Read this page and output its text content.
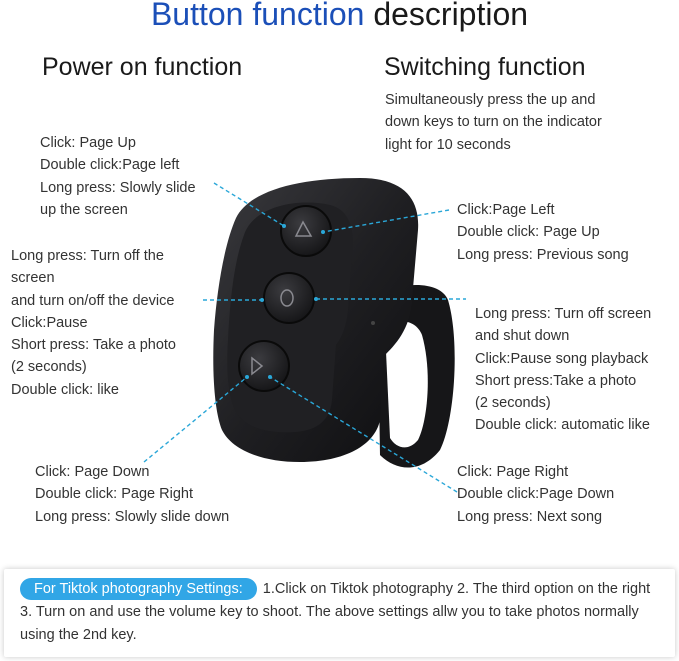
Button function description
Power on function	Switching function
Simultaneously press the up and
down keys to turn on the indicator
light for 10 seconds
Click: Page Up
Double click:Page left
Long press: Slowly slide
up the screen
Long press: Turn off the
screen
and turn on/off the device
Click:Pause
Short press: Take a photo
(2 seconds)
Double click: like
Click: Page Down
Double click: Page Right
Long press: Slowly slide down
Click:Page Left
Double click: Page Up
Long press: Previous song
Long press: Turn off screen
and shut down
Click:Pause song playback
Short press:Take a photo
(2 seconds)
Double click: automatic like
Click: Page Right
Double click:Page Down
Long press: Next song
For Tiktok photography Settings: 1.Click on Tiktok photography 2. The third option on the right 3. Turn on and use the volume key to shoot. The above settings allw you to take photos normally using the 2nd key.
